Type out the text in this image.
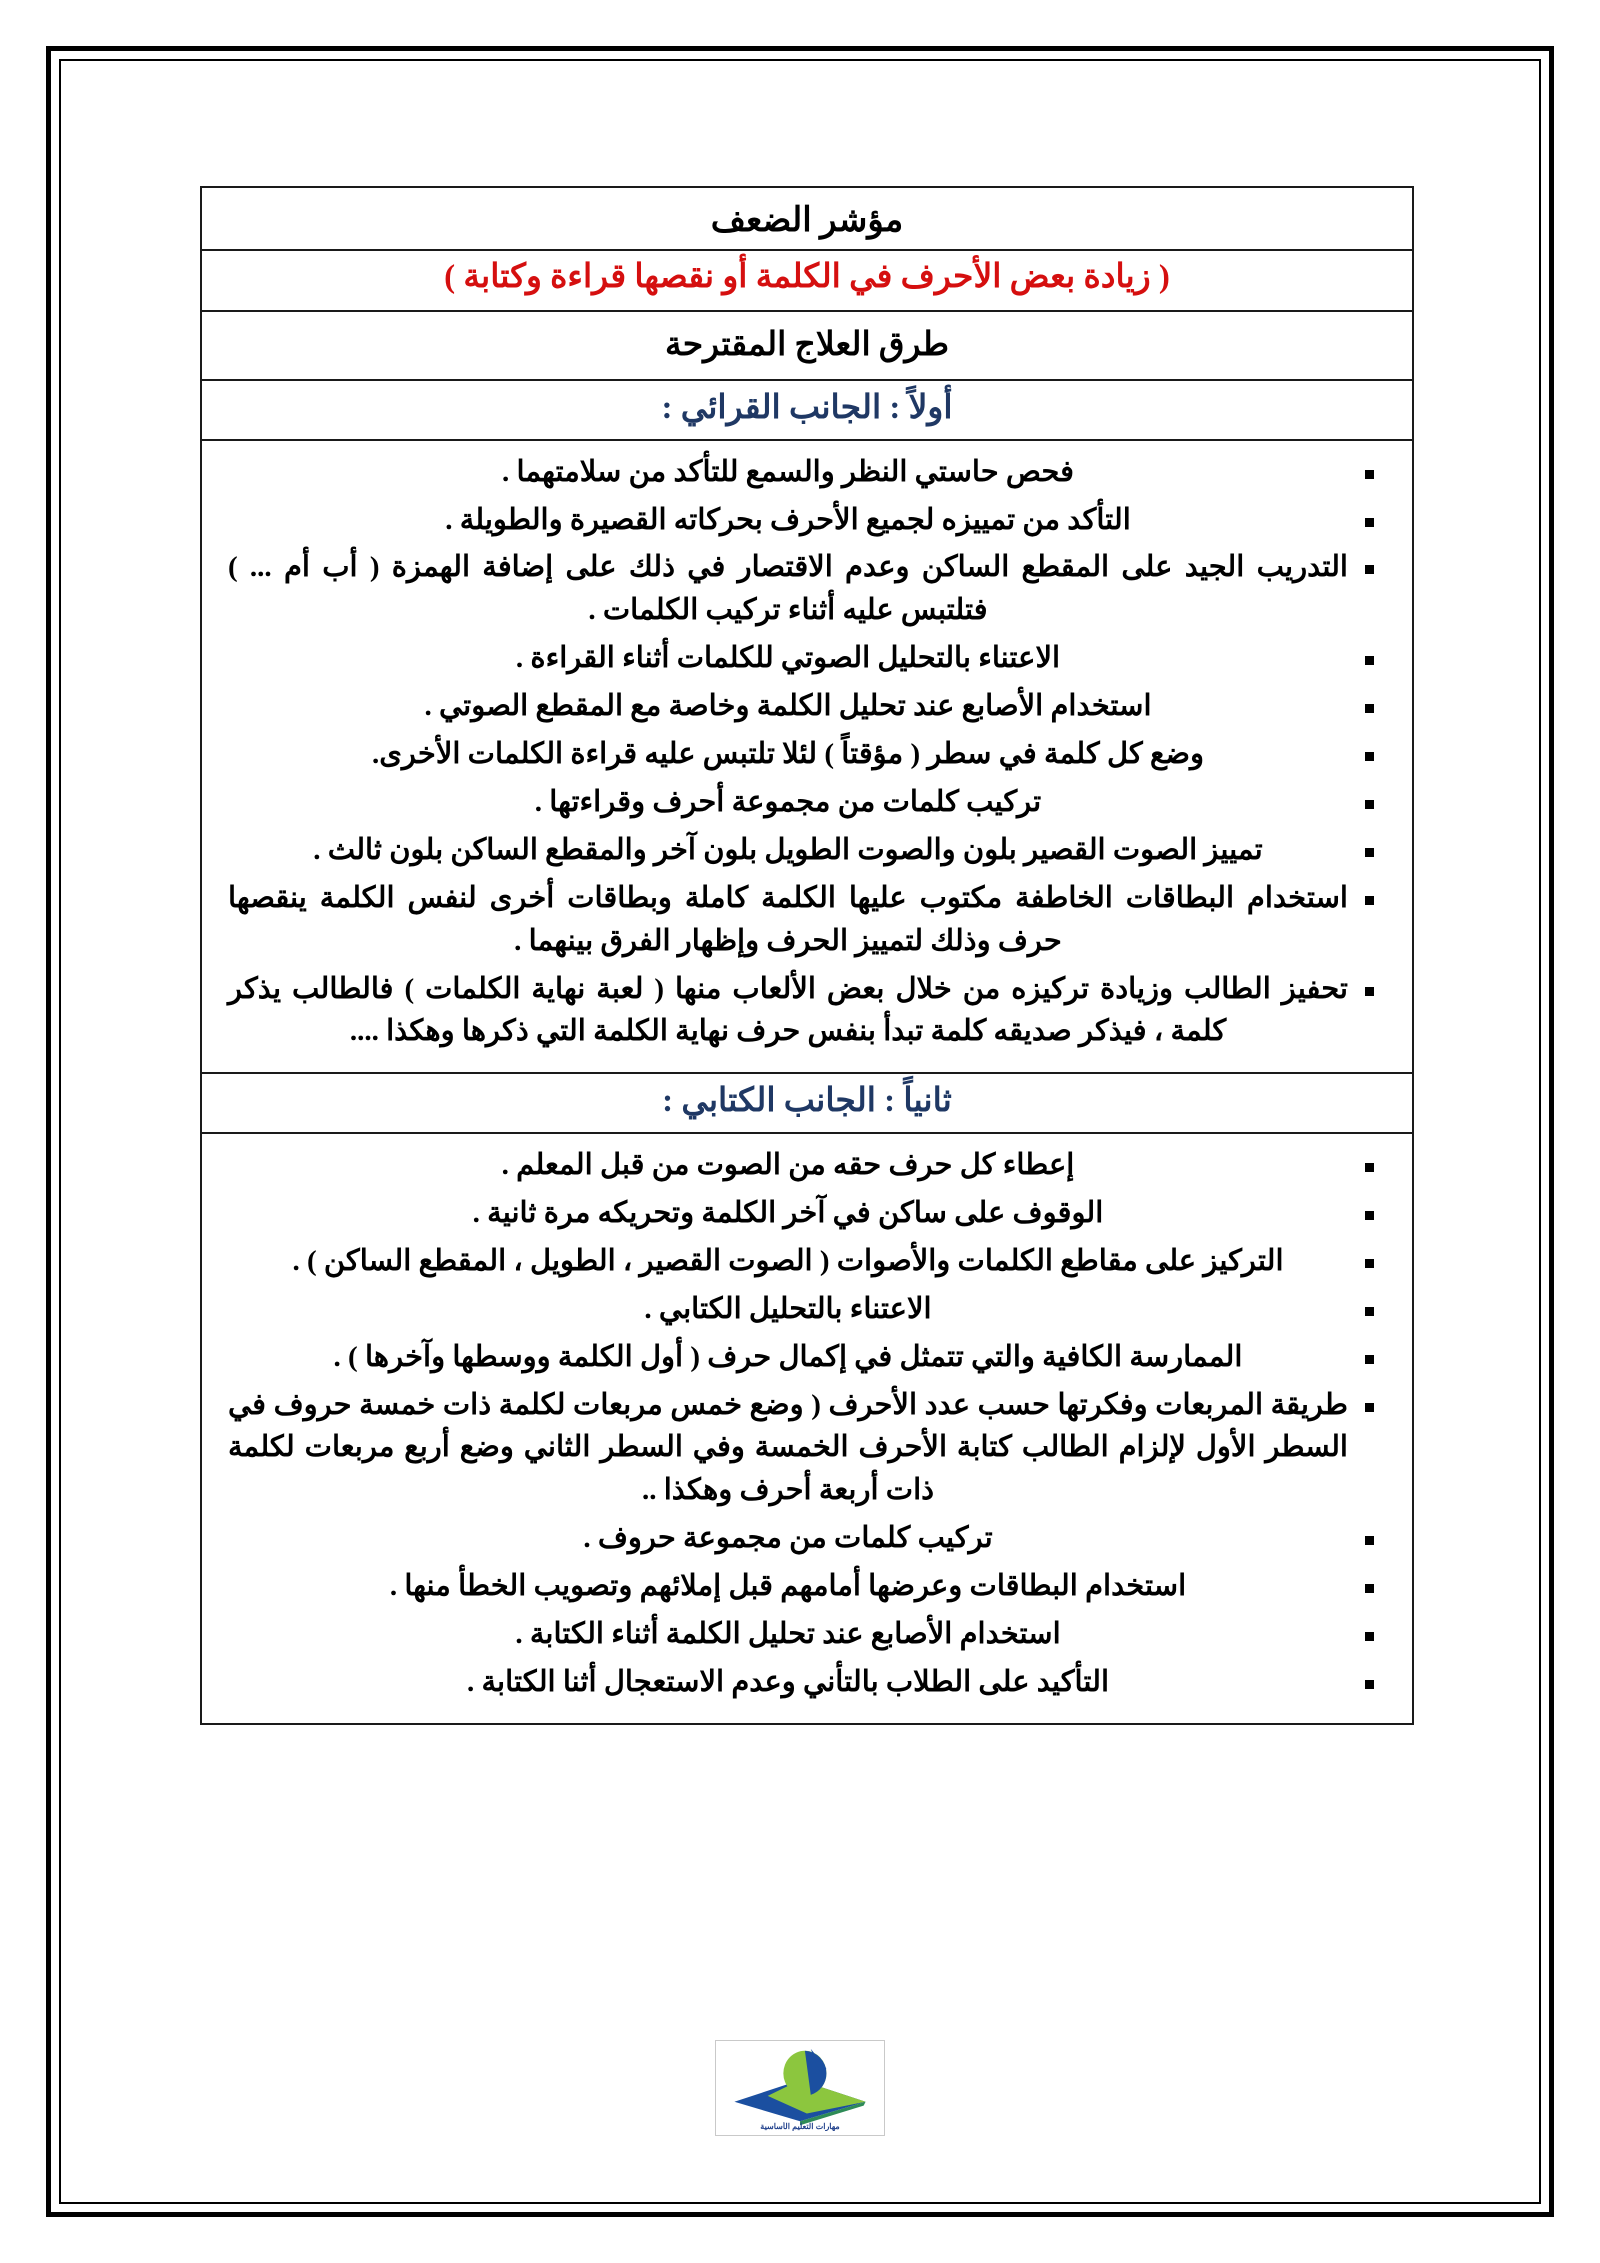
مؤشر الضعف
( زيادة بعض الأحرف في الكلمة أو نقصها قراءة وكتابة )
طرق العلاج المقترحة
أولاً : الجانب القرائي :
فحص حاستي النظر والسمع للتأكد من سلامتهما .
التأكد من تمييزه لجميع الأحرف بحركاته القصيرة والطويلة .
التدريب الجيد على المقطع الساكن وعدم الاقتصار في ذلك على إضافة الهمزة ( أب أم ... ) فتلتبس عليه أثناء تركيب الكلمات .
الاعتناء بالتحليل الصوتي للكلمات أثناء القراءة .
استخدام الأصابع عند تحليل الكلمة وخاصة مع المقطع الصوتي .
وضع كل كلمة في سطر ( مؤقتاً ) لئلا تلتبس عليه قراءة الكلمات الأخرى.
تركيب كلمات من مجموعة أحرف وقراءتها .
تمييز الصوت القصير بلون والصوت الطويل بلون آخر والمقطع الساكن بلون ثالث .
استخدام البطاقات الخاطفة مكتوب عليها الكلمة كاملة وبطاقات أخرى لنفس الكلمة ينقصها حرف وذلك لتمييز الحرف وإظهار الفرق بينهما .
تحفيز الطالب وزيادة تركيزه من خلال بعض الألعاب منها ( لعبة نهاية الكلمات ) فالطالب يذكر كلمة ، فيذكر صديقه كلمة تبدأ بنفس حرف نهاية الكلمة التي ذكرها وهكذا ....
ثانياً : الجانب الكتابي :
إعطاء كل حرف حقه من الصوت من قبل المعلم .
الوقوف على ساكن في آخر الكلمة وتحريكه مرة ثانية .
التركيز على مقاطع الكلمات والأصوات ( الصوت القصير ، الطويل ، المقطع الساكن ) .
الاعتناء بالتحليل الكتابي .
الممارسة الكافية والتي تتمثل في إكمال حرف ( أول الكلمة ووسطها وآخرها ) .
طريقة المربعات وفكرتها حسب عدد الأحرف ( وضع خمس مربعات لكلمة ذات خمسة حروف في السطر الأول لإلزام الطالب كتابة الأحرف الخمسة وفي السطر الثاني وضع أربع مربعات لكلمة ذات أربعة أحرف وهكذا ..
تركيب كلمات من مجموعة حروف .
استخدام البطاقات وعرضها أمامهم قبل إملائهم وتصويب الخطأ منها .
استخدام الأصابع عند تحليل الكلمة أثناء الكتابة .
التأكيد على الطلاب بالتأني وعدم الاستعجال أثنا الكتابة .
مهارات التعليم الأساسية
